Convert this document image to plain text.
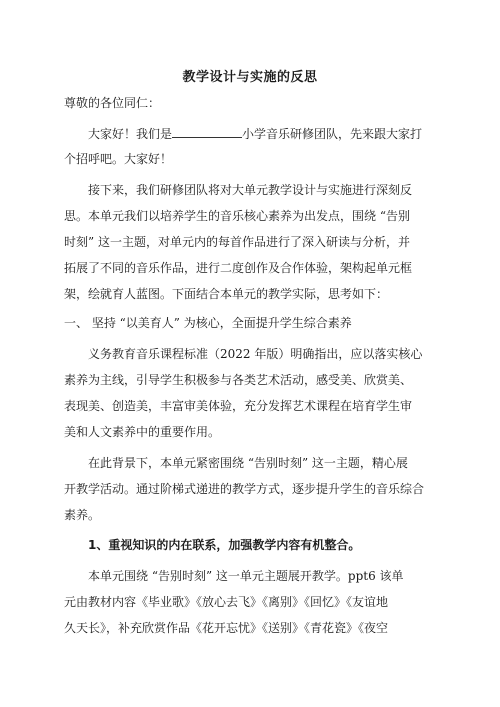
教学设计与实施的反思
尊敬的各位同仁：
大家好！我们是	小学音乐研修团队，先来跟大家打
个招呼吧。大家好！
接下来，我们研修团队将对大单元教学设计与实施进行深刻反
思。本单元我们以培养学生的音乐核心素养为出发点，围绕 “告别
时刻” 这一主题，对单元内的每首作品进行了深入研读与分析，并
拓展了不同的音乐作品，进行二度创作及合作体验，架构起单元框
架，绘就育人蓝图。下面结合本单元的教学实际，思考如下：
一、 坚持 “以美育人” 为核心，全面提升学生综合素养
义务教育音乐课程标准（2022 年版）明确指出，应以落实核心
素养为主线，引导学生积极参与各类艺术活动，感受美、欣赏美、
表现美、创造美，丰富审美体验，充分发挥艺术课程在培育学生审
美和人文素养中的重要作用。
在此背景下，本单元紧密围绕 “告别时刻” 这一主题，精心展
开教学活动。通过阶梯式递进的教学方式，逐步提升学生的音乐综合
素养。
1、重视知识的内在联系，加强教学内容有机整合。
本单元围绕 “告别时刻” 这一单元主题展开教学。ppt6 该单
元由教材内容《毕业歌》《放心去飞》《离别》《回忆》《友谊地
久天长》，补充欣赏作品《花开忘忧》《送别》《青花瓷》《夜空
